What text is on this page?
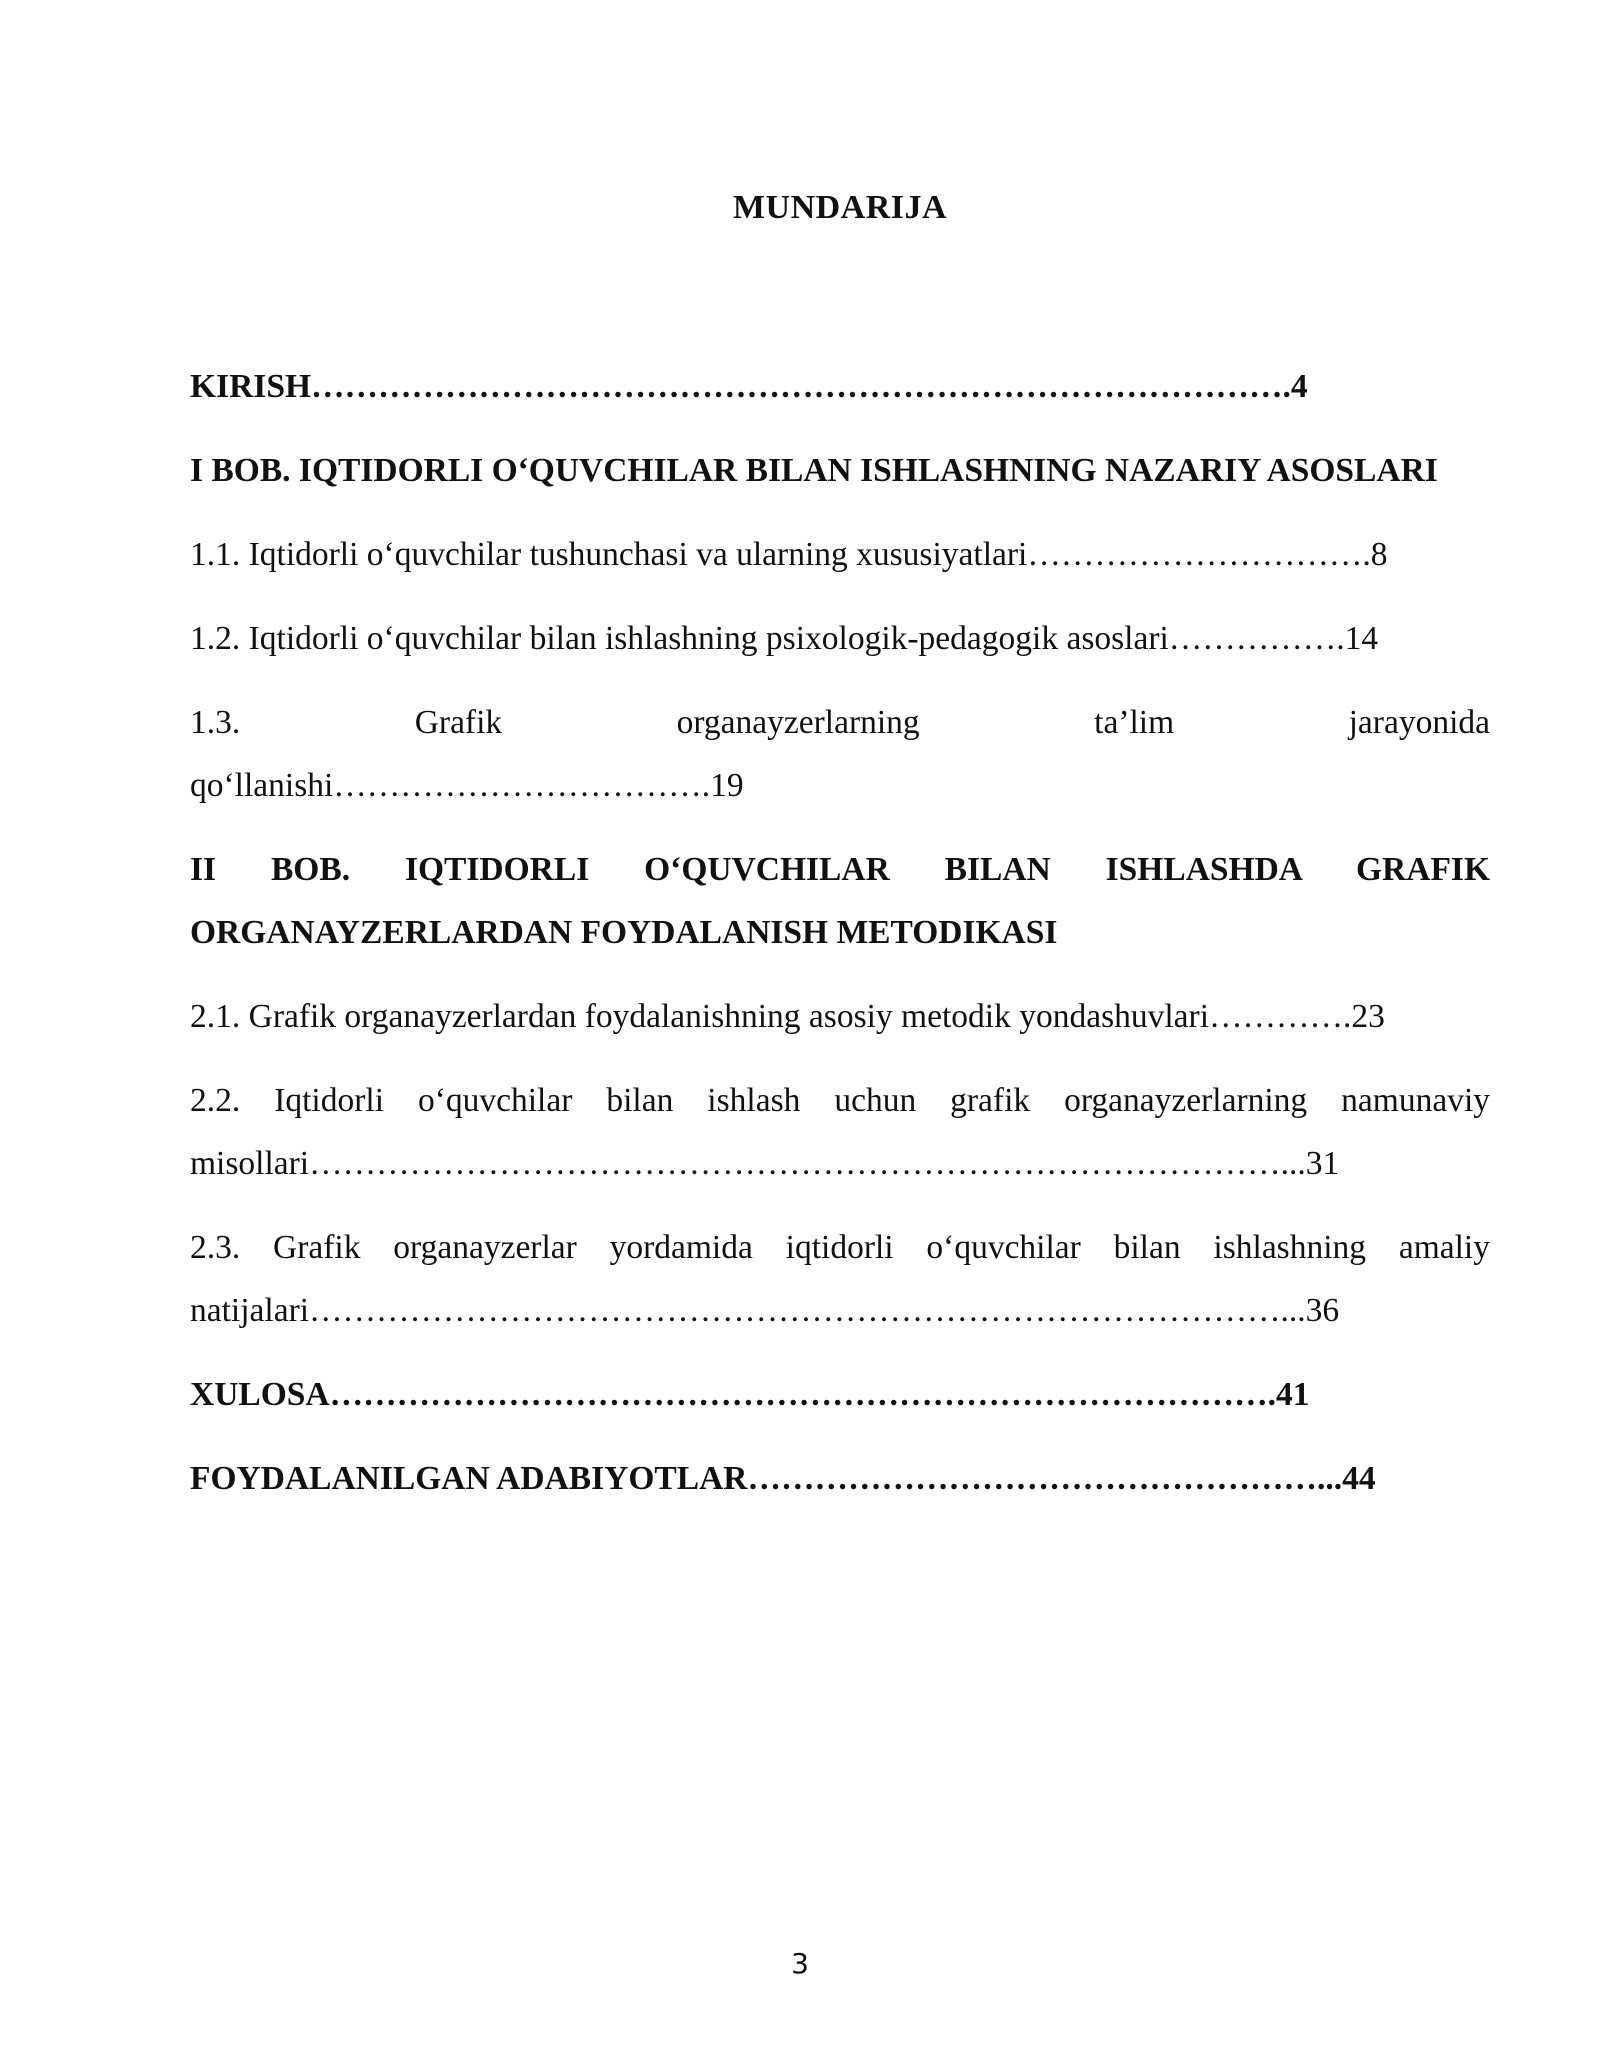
MUNDARIJA

KIRISH…………………………………………………………………………….4

I BOB. IQTIDORLI O‘QUVCHILAR BILAN ISHLASHNING NAZARIY ASOSLARI

1.1. Iqtidorli o‘quvchilar tushunchasi va ularning xususiyatlari………………………….8

1.2. Iqtidorli o‘quvchilar bilan ishlashning psixologik-pedagogik asoslari…………….14

1.3. Grafik organayzerlarning ta’lim jarayonida
qo‘llanishi…………………………….19

II BOB. IQTIDORLI O‘QUVCHILAR BILAN ISHLASHDA GRAFIK ORGANAYZERLARDAN FOYDALANISH METODIKASI

2.1. Grafik organayzerlardan foydalanishning asosiy metodik yondashuvlari………….23

2.2. Iqtidorli o‘quvchilar bilan ishlash uchun grafik organayzerlarning namunaviy misollari……………………………………………………………………………...31

2.3. Grafik organayzerlar yordamida iqtidorli o‘quvchilar bilan ishlashning amaliy natijalari……………………………………………………………………………...36

XULOSA………………………………………………………………………….41

FOYDALANILGAN ADABIYOTLAR……………………………………………...44

3
